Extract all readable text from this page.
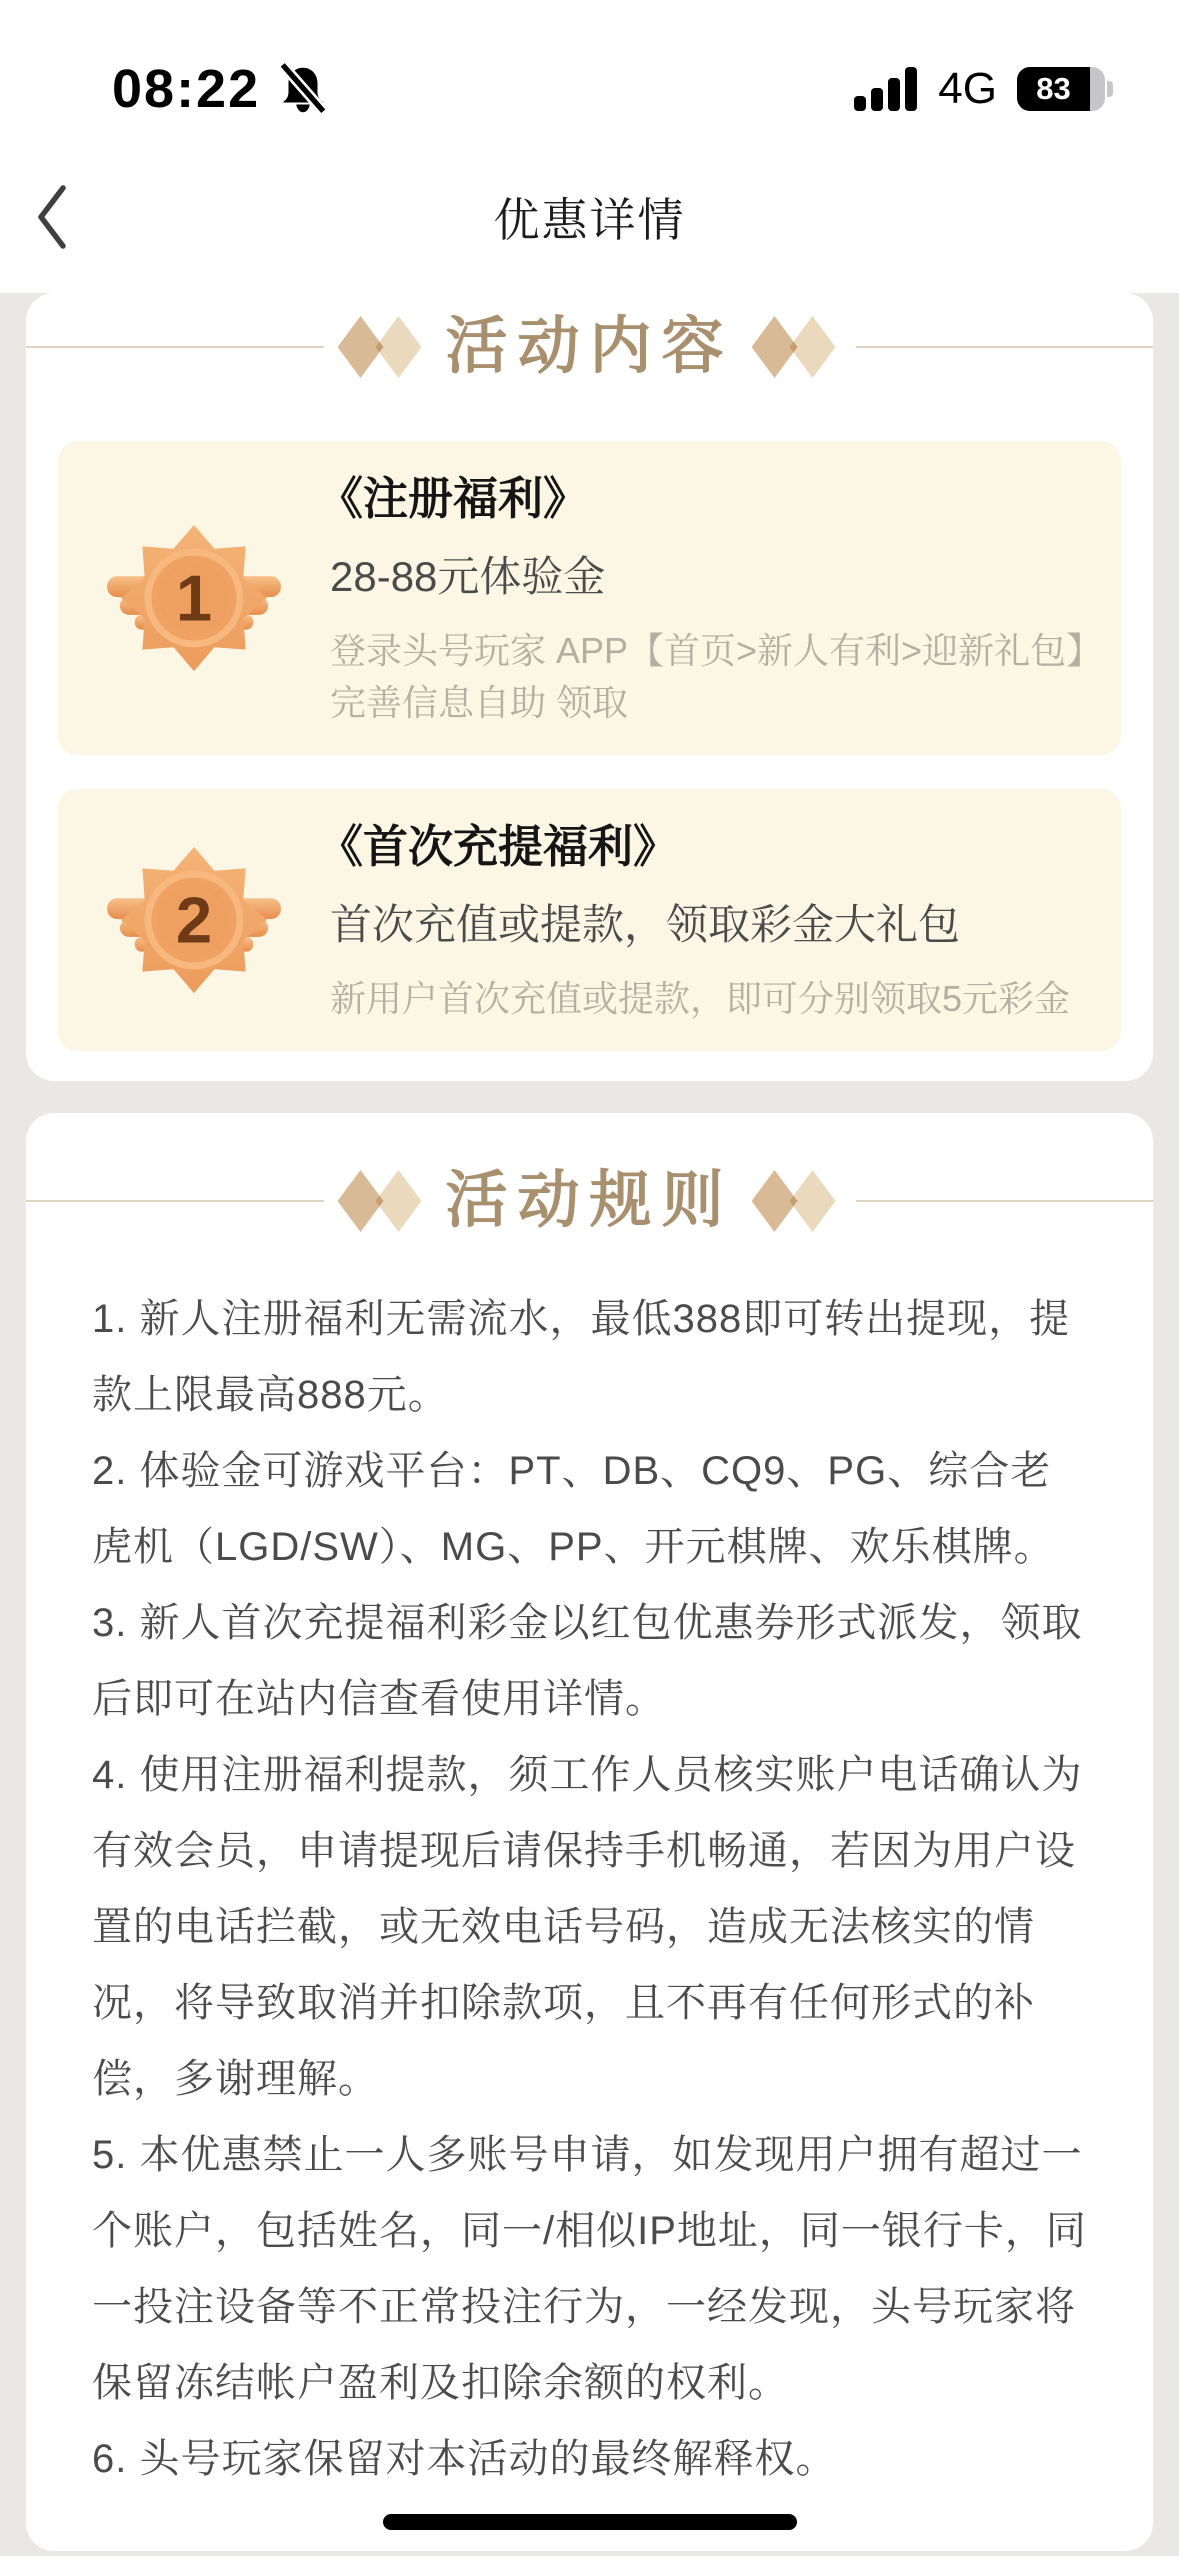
08:22	4G 83
优惠详情
活动内容
1
《注册福利》
28-88元体验金
登录头号玩家 APP【首页>新人有利>迎新礼包】完善信息自助 领取
2
《首次充提福利》
首次充值或提款，领取彩金大礼包
新用户首次充值或提款，即可分别领取5元彩金
活动规则

1. 新人注册福利无需流水，最低388即可转出提现，提款上限最高888元。

2. 体验金可游戏平台：PT、DB、CQ9、PG、综合老虎机（LGD/SW）、MG、PP、开元棋牌、欢乐棋牌。

3. 新人首次充提福利彩金以红包优惠券形式派发，领取后即可在站内信查看使用详情。

4. 使用注册福利提款，须工作人员核实账户电话确认为有效会员，申请提现后请保持手机畅通，若因为用户设置的电话拦截，或无效电话号码，造成无法核实的情况，将导致取消并扣除款项，且不再有任何形式的补偿，多谢理解。

5. 本优惠禁止一人多账号申请，如发现用户拥有超过一个账户，包括姓名，同一/相似IP地址，同一银行卡，同一投注设备等不正常投注行为，一经发现，头号玩家将保留冻结帐户盈利及扣除余额的权利。

6. 头号玩家保留对本活动的最终解释权。
